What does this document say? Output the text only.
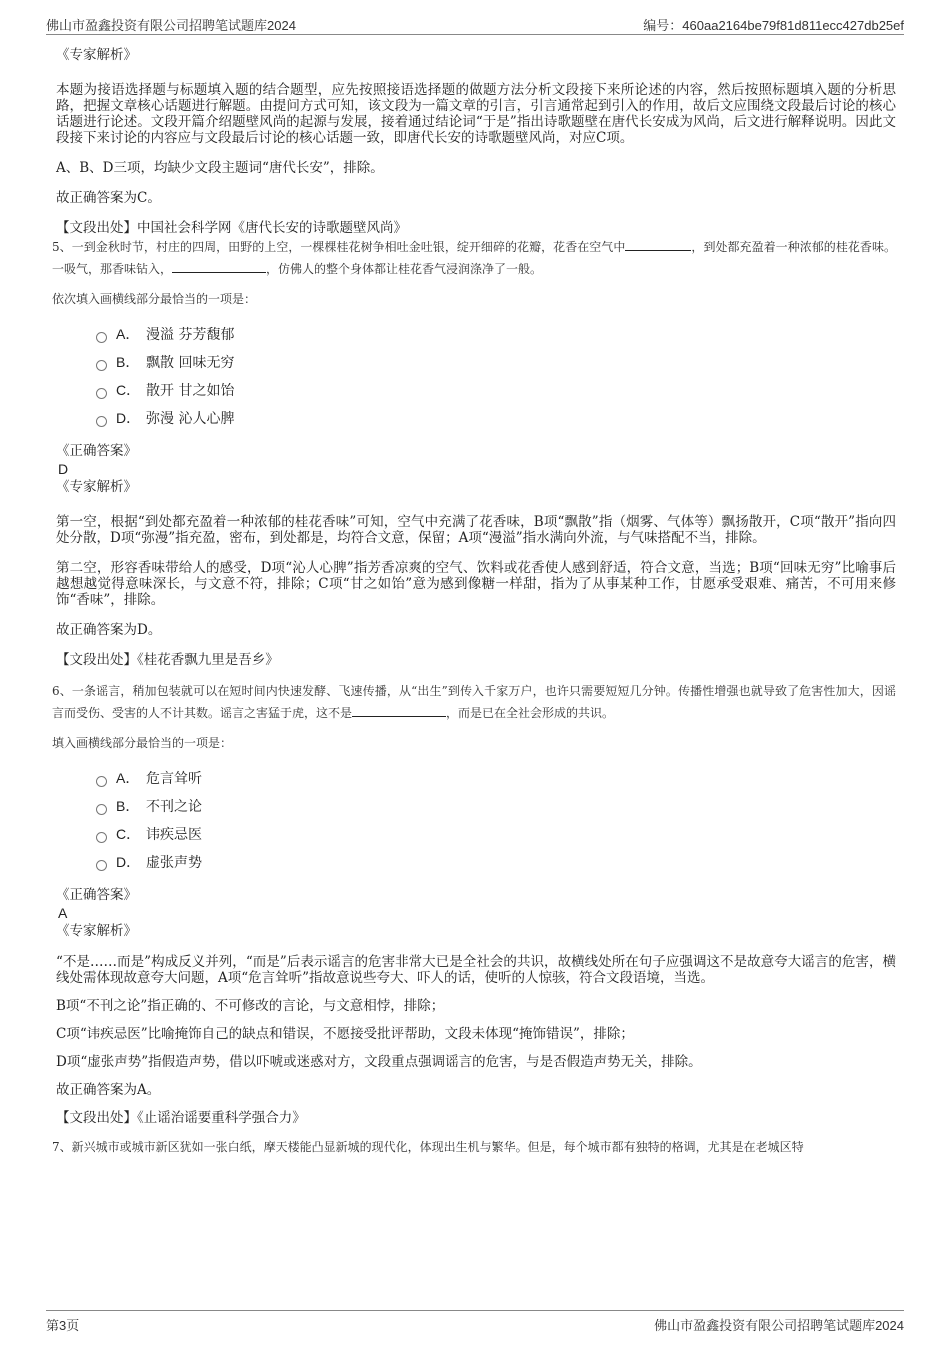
佛山市盈鑫投资有限公司招聘笔试题库2024	编号：460aa2164be79f81d811ecc427db25ef

《专家解析》

本题为接语选择题与标题填入题的结合题型，应先按照接语选择题的做题方法分析文段接下来所论述的内容，然后按照标题填入题的分析思路，把握文章核心话题进行解题。由提问方式可知，该文段为一篇文章的引言，引言通常起到引入的作用，故后文应围绕文段最后讨论的核心话题进行论述。文段开篇介绍题壁风尚的起源与发展，接着通过结论词“于是”指出诗歌题壁在唐代长安成为风尚，后文进行解释说明。因此文段接下来讨论的内容应与文段最后讨论的核心话题一致，即唐代长安的诗歌题壁风尚，对应C项。

A、B、D三项，均缺少文段主题词“唐代长安”，排除。

故正确答案为C。

【文段出处】中国社会科学网《唐代长安的诗歌题壁风尚》

5、一到金秋时节，村庄的四周，田野的上空，一棵棵桂花树争相吐金吐银，绽开细碎的花瓣，花香在空气中	，到处都充盈着一种浓郁的桂花香味。一吸气，那香味钻入，	，仿佛人的整个身体都让桂花香气浸润涤净了一般。

依次填入画横线部分最恰当的一项是：

A． 漫溢 芬芳馥郁
B． 飘散 回味无穷
C． 散开 甘之如饴
D． 弥漫 沁人心脾

《正确答案》

D

《专家解析》

第一空，根据“到处都充盈着一种浓郁的桂花香味”可知，空气中充满了花香味，B项“飘散”指（烟雾、气体等）飘扬散开，C项“散开”指向四处分散，D项“弥漫”指充盈，密布，到处都是，均符合文意，保留；A项“漫溢”指水满向外流，与气味搭配不当，排除。

第二空，形容香味带给人的感受，D项“沁人心脾”指芳香凉爽的空气、饮料或花香使人感到舒适，符合文意，当选；B项“回味无穷”比喻事后越想越觉得意味深长，与文意不符，排除；C项“甘之如饴”意为感到像糖一样甜，指为了从事某种工作，甘愿承受艰难、痛苦，不可用来修饰“香味”，排除。

故正确答案为D。

【文段出处】《桂花香飘九里是吾乡》

6、一条谣言，稍加包装就可以在短时间内快速发酵、飞速传播，从“出生”到传入千家万户，也许只需要短短几分钟。传播性增强也就导致了危害性加大，因谣言而受伤、受害的人不计其数。谣言之害猛于虎，这不是	，而是已在全社会形成的共识。

填入画横线部分最恰当的一项是：

A． 危言耸听
B． 不刊之论
C． 讳疾忌医
D． 虚张声势

《正确答案》

A

《专家解析》

“不是……而是”构成反义并列，“而是”后表示谣言的危害非常大已是全社会的共识，故横线处所在句子应强调这不是故意夸大谣言的危害，横线处需体现故意夸大问题，A项“危言耸听”指故意说些夸大、吓人的话，使听的人惊骇，符合文段语境，当选。

B项“不刊之论”指正确的、不可修改的言论，与文意相悖，排除；

C项“讳疾忌医”比喻掩饰自己的缺点和错误，不愿接受批评帮助，文段未体现“掩饰错误”，排除；

D项“虚张声势”指假造声势，借以吓唬或迷惑对方，文段重点强调谣言的危害，与是否假造声势无关，排除。

故正确答案为A。

【文段出处】《止谣治谣要重科学强合力》

7、新兴城市或城市新区犹如一张白纸，摩天楼能凸显新城的现代化，体现出生机与繁华。但是，每个城市都有独特的格调，尤其是在老城区特

第3页	佛山市盈鑫投资有限公司招聘笔试题库2024
